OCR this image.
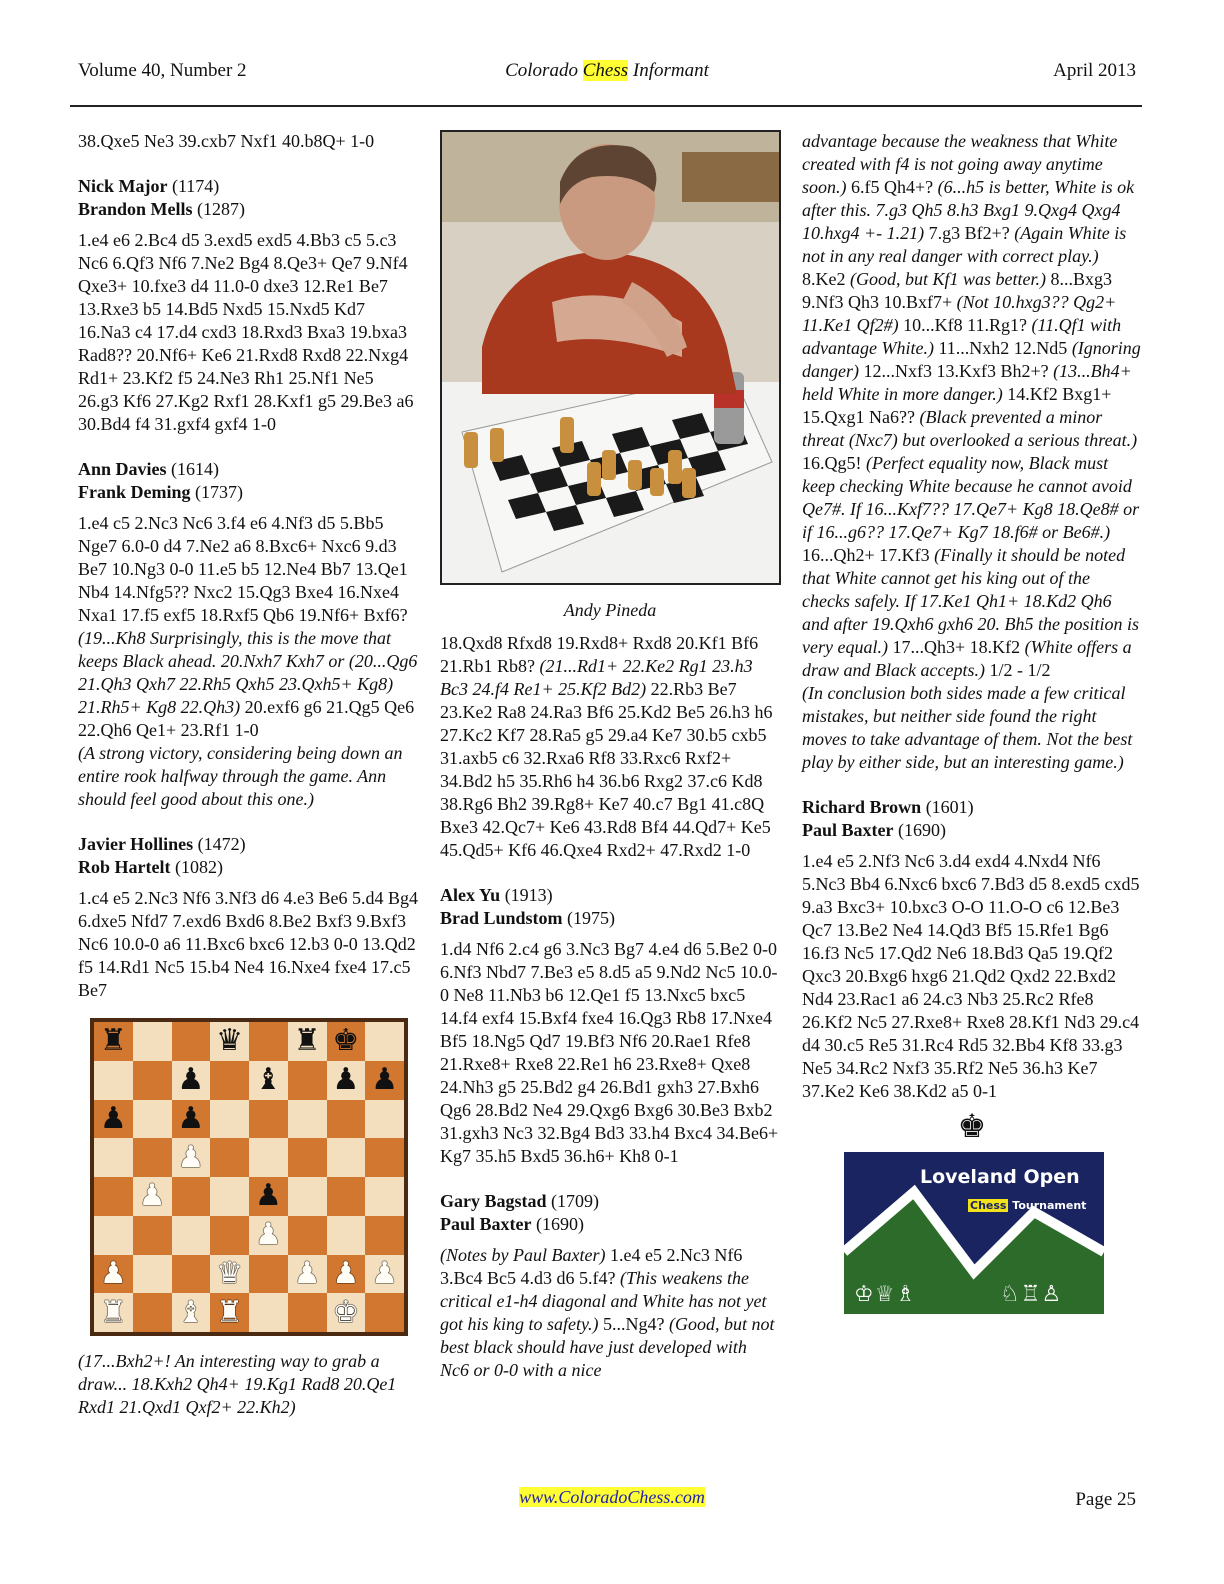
Volume 40, Number 2	Colorado Chess Informant	April 2013
38.Qxe5 Ne3 39.cxb7 Nxf1 40.b8Q+ 1-0
Nick Major (1174)
Brandon Mells (1287)
1.e4 e6 2.Bc4 d5 3.exd5 exd5 4.Bb3 c5 5.c3 Nc6 6.Qf3 Nf6 7.Ne2 Bg4 8.Qe3+ Qe7 9.Nf4 Qxe3+ 10.fxe3 d4 11.0-0 dxe3 12.Re1 Be7 13.Rxe3 b5 14.Bd5 Nxd5 15.Nxd5 Kd7 16.Na3 c4 17.d4 cxd3 18.Rxd3 Bxa3 19.bxa3 Rad8?? 20.Nf6+ Ke6 21.Rxd8 Rxd8 22.Nxg4 Rd1+ 23.Kf2 f5 24.Ne3 Rh1 25.Nf1 Ne5 26.g3 Kf6 27.Kg2 Rxf1 28.Kxf1 g5 29.Be3 a6 30.Bd4 f4 31.gxf4 gxf4 1-0
Ann Davies (1614)
Frank Deming (1737)
1.e4 c5 2.Nc3 Nc6 3.f4 e6 4.Nf3 d5 5.Bb5 Nge7 6.0-0 d4 7.Ne2 a6 8.Bxc6+ Nxc6 9.d3 Be7 10.Ng3 0-0 11.e5 b5 12.Ne4 Bb7 13.Qe1 Nb4 14.Nfg5?? Nxc2 15.Qg3 Bxe4 16.Nxe4 Nxa1 17.f5 exf5 18.Rxf5 Qb6 19.Nf6+ Bxf6? (19...Kh8 Surprisingly, this is the move that keeps Black ahead. 20.Nxh7 Kxh7 or (20...Qg6 21.Qh3 Qxh7 22.Rh5 Qxh5 23.Qxh5+ Kg8) 21.Rh5+ Kg8 22.Qh3) 20.exf6 g6 21.Qg5 Qe6 22.Qh6 Qe1+ 23.Rf1 1-0
(A strong victory, considering being down an entire rook halfway through the game. Ann should feel good about this one.)
Javier Hollines (1472)
Rob Hartelt (1082)
1.c4 e5 2.Nc3 Nf6 3.Nf3 d6 4.e3 Be6 5.d4 Bg4 6.dxe5 Nfd7 7.exd6 Bxd6 8.Be2 Bxf3 9.Bxf3 Nc6 10.0-0 a6 11.Bxc6 bxc6 12.b3 0-0 13.Qd2 f5 14.Rd1 Nc5 15.b4 Ne4 16.Nxe4 fxe4 17.c5 Be7
♜	♛ ♜ ♚
♟ ♝ ♟ ♟
♟ ♟
♟
♟	♟
♟
♟	♛ ♟ ♟ ♟
♜ ♝ ♜	♚
(17...Bxh2+! An interesting way to grab a draw... 18.Kxh2 Qh4+ 19.Kg1 Rad8 20.Qe1 Rxd1 21.Qxd1 Qxf2+ 22.Kh2)
Andy Pineda
18.Qxd8 Rfxd8 19.Rxd8+ Rxd8 20.Kf1 Bf6 21.Rb1 Rb8? (21...Rd1+ 22.Ke2 Rg1 23.h3 Bc3 24.f4 Re1+ 25.Kf2 Bd2) 22.Rb3 Be7 23.Ke2 Ra8 24.Ra3 Bf6 25.Kd2 Be5 26.h3 h6 27.Kc2 Kf7 28.Ra5 g5 29.a4 Ke7 30.b5 cxb5 31.axb5 c6 32.Rxa6 Rf8 33.Rxc6 Rxf2+ 34.Bd2 h5 35.Rh6 h4 36.b6 Rxg2 37.c6 Kd8 38.Rg6 Bh2 39.Rg8+ Ke7 40.c7 Bg1 41.c8Q Bxe3 42.Qc7+ Ke6 43.Rd8 Bf4 44.Qd7+ Ke5 45.Qd5+ Kf6 46.Qxe4 Rxd2+ 47.Rxd2 1-0
Alex Yu (1913)
Brad Lundstom (1975)
1.d4 Nf6 2.c4 g6 3.Nc3 Bg7 4.e4 d6 5.Be2 0-0 6.Nf3 Nbd7 7.Be3 e5 8.d5 a5 9.Nd2 Nc5 10.0-0 Ne8 11.Nb3 b6 12.Qe1 f5 13.Nxc5 bxc5 14.f4 exf4 15.Bxf4 fxe4 16.Qg3 Rb8 17.Nxe4 Bf5 18.Ng5 Qd7 19.Bf3 Nf6 20.Rae1 Rfe8 21.Rxe8+ Rxe8 22.Re1 h6 23.Rxe8+ Qxe8 24.Nh3 g5 25.Bd2 g4 26.Bd1 gxh3 27.Bxh6 Qg6 28.Bd2 Ne4 29.Qxg6 Bxg6 30.Be3 Bxb2 31.gxh3 Nc3 32.Bg4 Bd3 33.h4 Bxc4 34.Be6+ Kg7 35.h5 Bxd5 36.h6+ Kh8 0-1
Gary Bagstad (1709)
Paul Baxter (1690)
(Notes by Paul Baxter) 1.e4 e5 2.Nc3 Nf6 3.Bc4 Bc5 4.d3 d6 5.f4? (This weakens the critical e1-h4 diagonal and White has not yet got his king to safety.) 5...Ng4? (Good, but not best black should have just developed with Nc6 or 0-0 with a nice
advantage because the weakness that White created with f4 is not going away anytime soon.) 6.f5 Qh4+? (6...h5 is better, White is ok after this. 7.g3 Qh5 8.h3 Bxg1 9.Qxg4 Qxg4 10.hxg4 +- 1.21) 7.g3 Bf2+? (Again White is not in any real danger with correct play.) 8.Ke2 (Good, but Kf1 was better.) 8...Bxg3 9.Nf3 Qh3 10.Bxf7+ (Not 10.hxg3?? Qg2+ 11.Ke1 Qf2#) 10...Kf8 11.Rg1? (11.Qf1 with advantage White.) 11...Nxh2 12.Nd5 (Ignoring danger) 12...Nxf3 13.Kxf3 Bh2+? (13...Bh4+ held White in more danger.) 14.Kf2 Bxg1+ 15.Qxg1 Na6?? (Black prevented a minor threat (Nxc7) but overlooked a serious threat.) 16.Qg5! (Perfect equality now, Black must keep checking White because he cannot avoid Qe7#. If 16...Kxf7?? 17.Qe7+ Kg8 18.Qe8# or if 16...g6?? 17.Qe7+ Kg7 18.f6# or Be6#.) 16...Qh2+ 17.Kf3 (Finally it should be noted that White cannot get his king out of the checks safely. If 17.Ke1 Qh1+ 18.Kd2 Qh6 and after 19.Qxh6 gxh6 20. Bh5 the position is very equal.) 17...Qh3+ 18.Kf2 (White offers a draw and Black accepts.) 1/2 - 1/2
(In conclusion both sides made a few critical mistakes, but neither side found the right moves to take advantage of them. Not the best play by either side, but an interesting game.)
Richard Brown (1601)
Paul Baxter (1690)
1.e4 e5 2.Nf3 Nc6 3.d4 exd4 4.Nxd4 Nf6 5.Nc3 Bb4 6.Nxc6 bxc6 7.Bd3 d5 8.exd5 cxd5 9.a3 Bxc3+ 10.bxc3 O-O 11.O-O c6 12.Be3 Qc7 13.Be2 Ne4 14.Qd3 Bf5 15.Rfe1 Bg6 16.f3 Nc5 17.Qd2 Ne6 18.Bd3 Qa5 19.Qf2 Qxc3 20.Bxg6 hxg6 21.Qd2 Qxd2 22.Bxd2 Nd4 23.Rac1 a6 24.c3 Nb3 25.Rc2 Rfe8 26.Kf2 Nc5 27.Rxe8+ Rxe8 28.Kf1 Nd3 29.c4 d4 30.c5 Re5 31.Rc4 Rd5 32.Bb4 Kf8 33.g3 Ne5 34.Rc2 Nxf3 35.Rf2 Ne5 36.h3 Ke7 37.Ke2 Ke6 38.Kd2 a5 0-1
♚
Loveland Open
Chess Tournament
♔♕♗	♘♖♙
www.ColoradoChess.com	Page 25
